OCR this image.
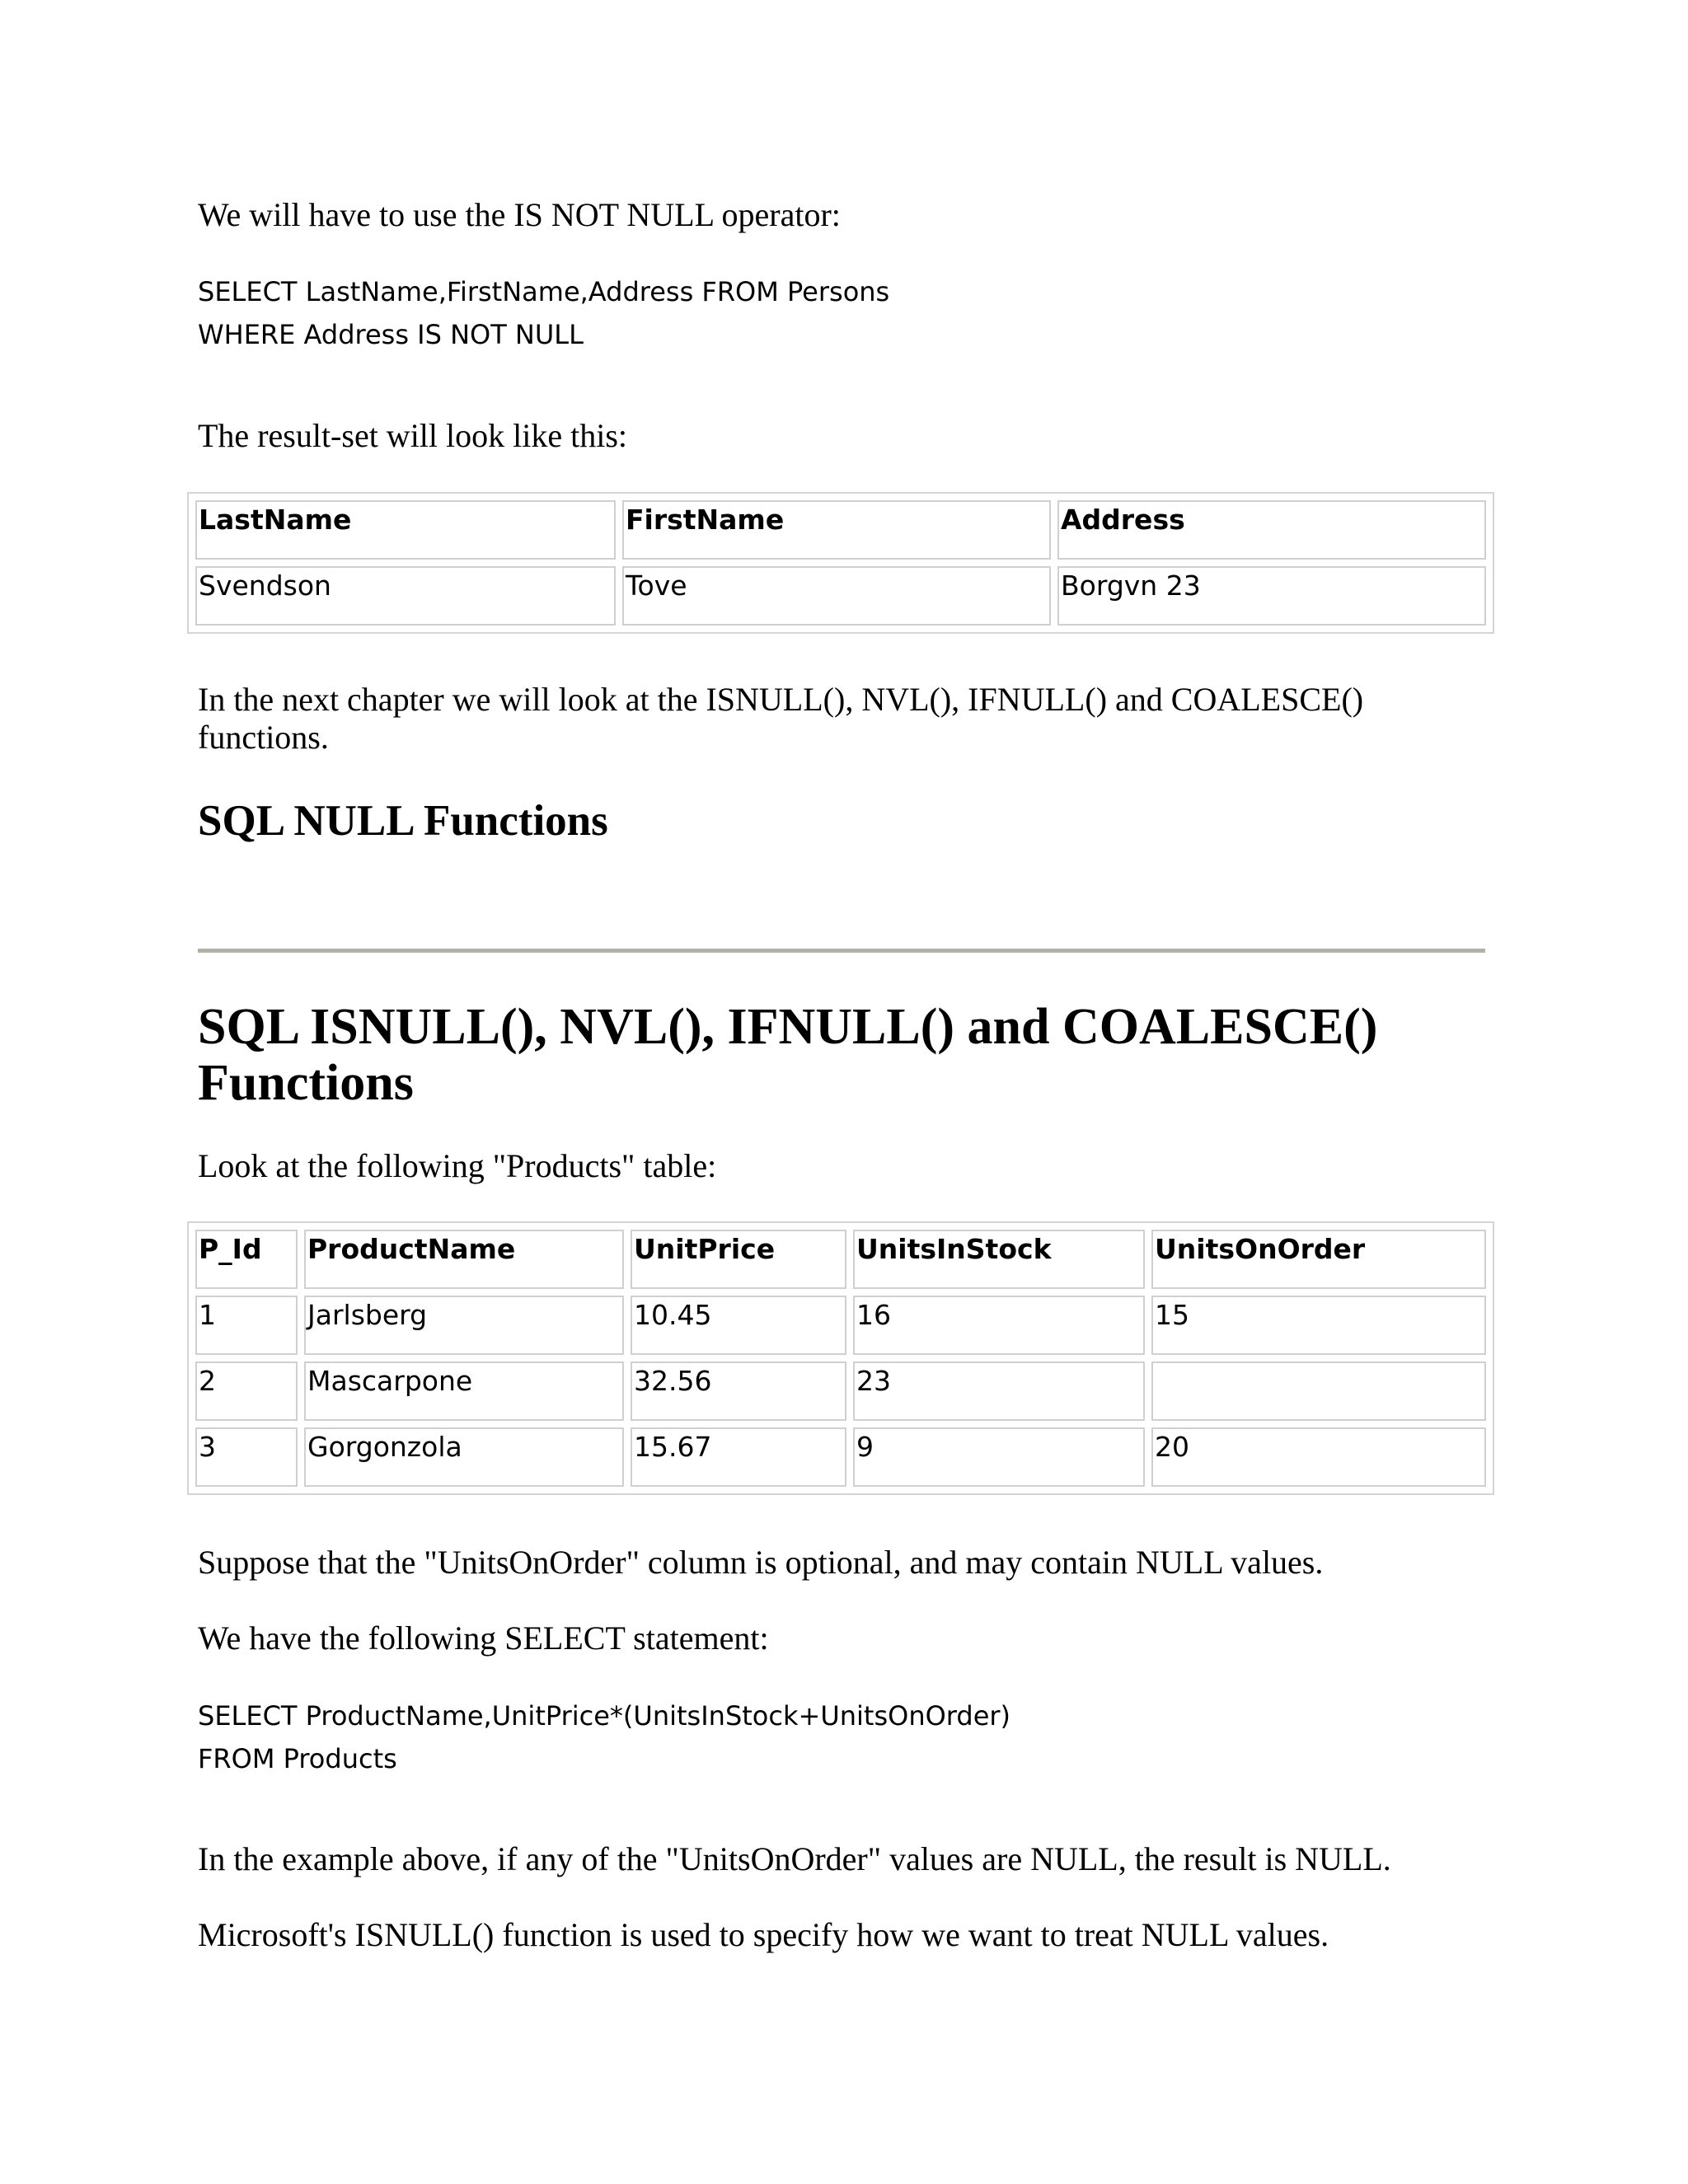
We will have to use the IS NOT NULL operator:

SELECT LastName,FirstName,Address FROM Persons
WHERE Address IS NOT NULL

The result-set will look like this:

LastName	FirstName	Address
Svendson	Tove	Borgvn 23

In the next chapter we will look at the ISNULL(), NVL(), IFNULL() and COALESCE() functions.

SQL NULL Functions
SQL ISNULL(), NVL(), IFNULL() and COALESCE() Functions

Look at the following "Products" table:

P_Id	ProductName	UnitPrice	UnitsInStock	UnitsOnOrder
1	Jarlsberg	10.45	16	15
2	Mascarpone	32.56	23	
3	Gorgonzola	15.67	9	20

Suppose that the "UnitsOnOrder" column is optional, and may contain NULL values.

We have the following SELECT statement:

SELECT ProductName,UnitPrice*(UnitsInStock+UnitsOnOrder)
FROM Products

In the example above, if any of the "UnitsOnOrder" values are NULL, the result is NULL.

Microsoft's ISNULL() function is used to specify how we want to treat NULL values.
